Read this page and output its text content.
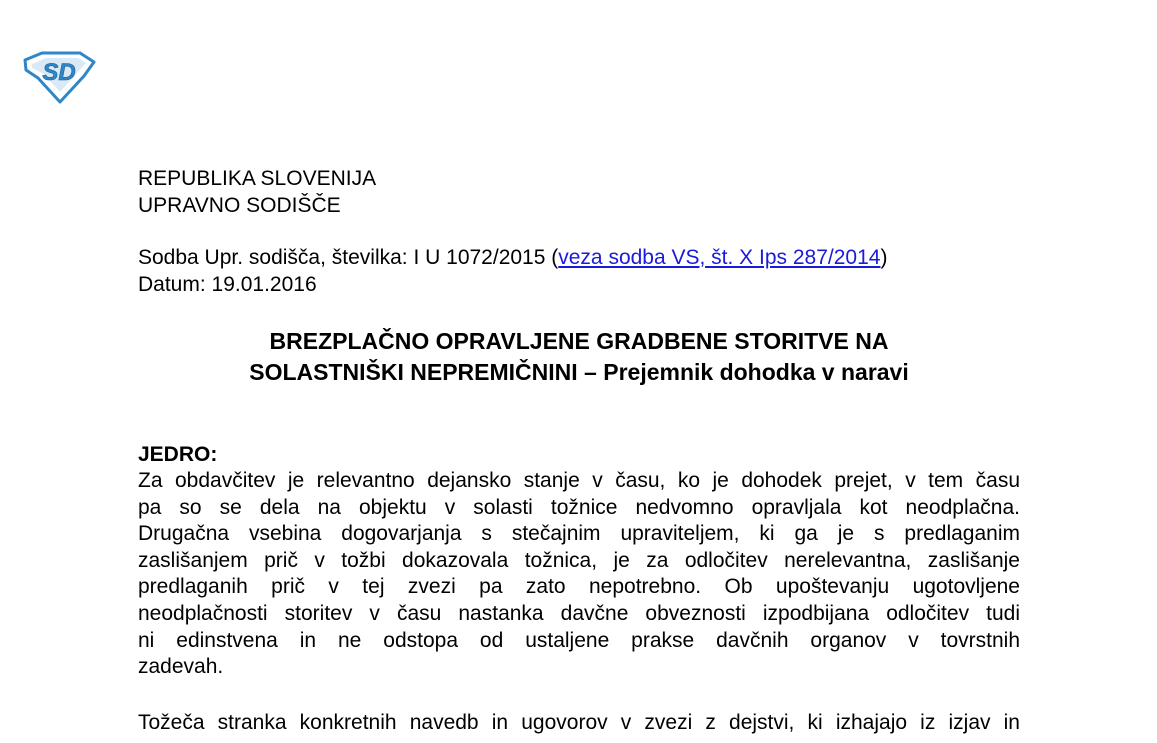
SD
REPUBLIKA SLOVENIJA
UPRAVNO SODIŠČE
Sodba Upr. sodišča, številka: I U 1072/2015 (veza sodba VS, št. X Ips 287/2014)
Datum: 19.01.2016
BREZPLAČNO OPRAVLJENE GRADBENE STORITVE NA
SOLASTNIŠKI NEPREMIČNINI – Prejemnik dohodka v naravi
JEDRO:
Za obdavčitev je relevantno dejansko stanje v času, ko je dohodek prejet, v tem času
pa so se dela na objektu v solasti tožnice nedvomno opravljala kot neodplačna.
Drugačna vsebina dogovarjanja s stečajnim upraviteljem, ki ga je s predlaganim
zaslišanjem prič v tožbi dokazovala tožnica, je za odločitev nerelevantna, zaslišanje
predlaganih prič v tej zvezi pa zato nepotrebno. Ob upoštevanju ugotovljene
neodplačnosti storitev v času nastanka davčne obveznosti izpodbijana odločitev tudi
ni edinstvena in ne odstopa od ustaljene prakse davčnih organov v tovrstnih
zadevah.
Tožeča stranka konkretnih navedb in ugovorov v zvezi z dejstvi, ki izhajajo iz izjav in
